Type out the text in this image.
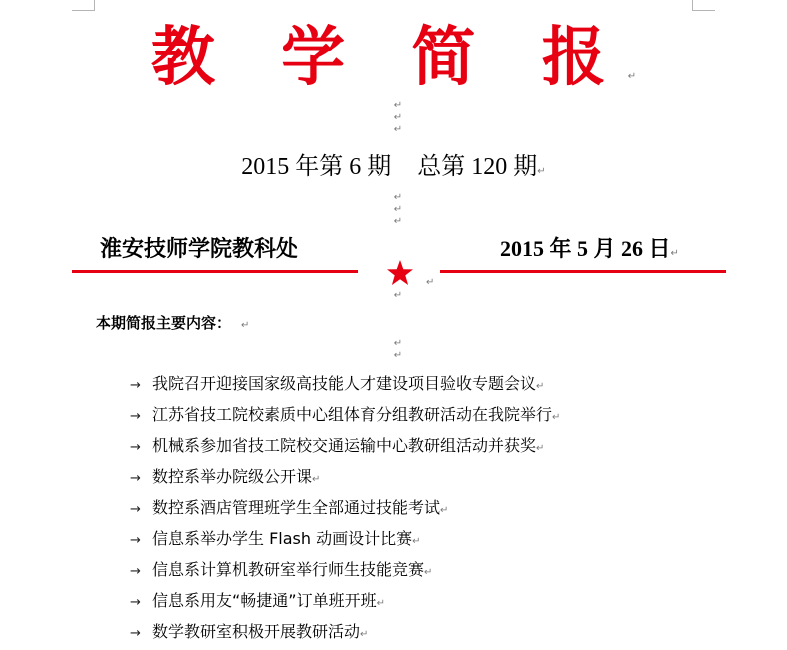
教 学 简 报↵
↵
↵
↵
2015 年第 6 期 总第 120 期↵
↵
↵
↵
淮安技师学院教科处	2015 年 5 月 26 日↵
↵
↵
本期简报主要内容： ↵
↵
↵
→ 我院召开迎接国家级高技能人才建设项目验收专题会议↵
→ 江苏省技工院校素质中心组体育分组教研活动在我院举行↵
→ 机械系参加省技工院校交通运输中心教研组活动并获奖↵
→ 数控系举办院级公开课↵
→ 数控系酒店管理班学生全部通过技能考试↵
→ 信息系举办学生 Flash 动画设计比赛↵
→ 信息系计算机教研室举行师生技能竞赛↵
→ 信息系用友“畅捷通”订单班开班↵
→ 数学教研室积极开展教研活动↵
